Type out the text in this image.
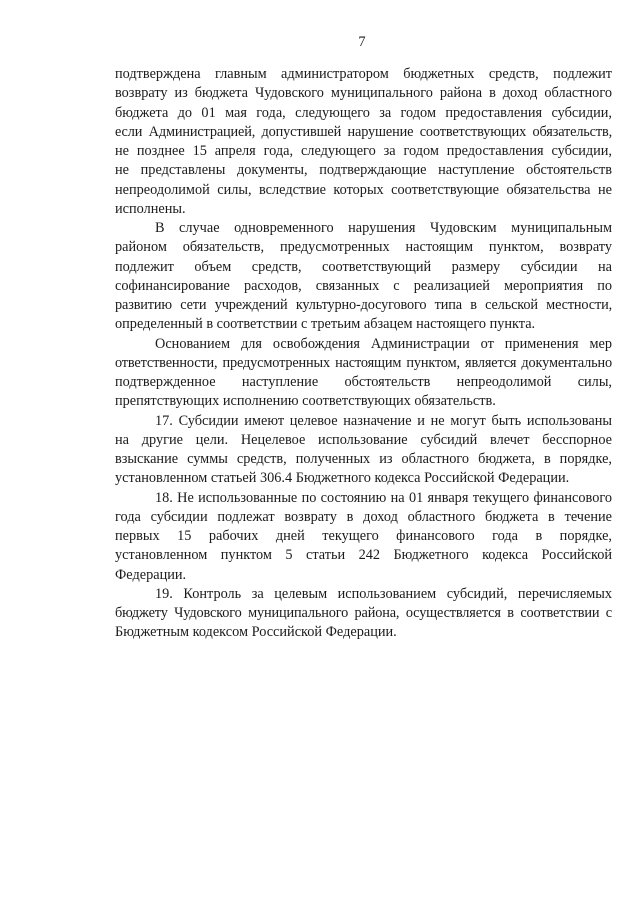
7
подтверждена главным администратором бюджетных средств, подлежит
возврату из бюджета Чудовского муниципального района в доход областного
бюджета до 01 мая года, следующего за годом предоставления субсидии,
если Администрацией, допустившей нарушение соответствующих обязательств,
не позднее 15 апреля года, следующего за годом предоставления субсидии,
не представлены документы, подтверждающие наступление обстоятельств
непреодолимой силы, вследствие которых соответствующие обязательства не
исполнены.
В случае одновременного нарушения Чудовским муниципальным
районом обязательств, предусмотренных настоящим пунктом, возврату
подлежит объем средств, соответствующий размеру субсидии на
софинансирование расходов, связанных с реализацией мероприятия по
развитию сети учреждений культурно-досугового типа в сельской местности,
определенный в соответствии с третьим абзацем настоящего пункта.
Основанием для освобождения Администрации от применения мер
ответственности, предусмотренных настоящим пунктом, является документально
подтвержденное наступление обстоятельств непреодолимой силы,
препятствующих исполнению соответствующих обязательств.
17. Субсидии имеют целевое назначение и не могут быть использованы
на другие цели. Нецелевое использование субсидий влечет бесспорное
взыскание суммы средств, полученных из областного бюджета, в порядке,
установленном статьей 306.4 Бюджетного кодекса Российской Федерации.
18. Не использованные по состоянию на 01 января текущего финансового
года субсидии подлежат возврату в доход областного бюджета в течение
первых 15 рабочих дней текущего финансового года в порядке,
установленном пунктом 5 статьи 242 Бюджетного кодекса Российской
Федерации.
19. Контроль за целевым использованием субсидий, перечисляемых
бюджету Чудовского муниципального района, осуществляется в соответствии с
Бюджетным кодексом Российской Федерации.
